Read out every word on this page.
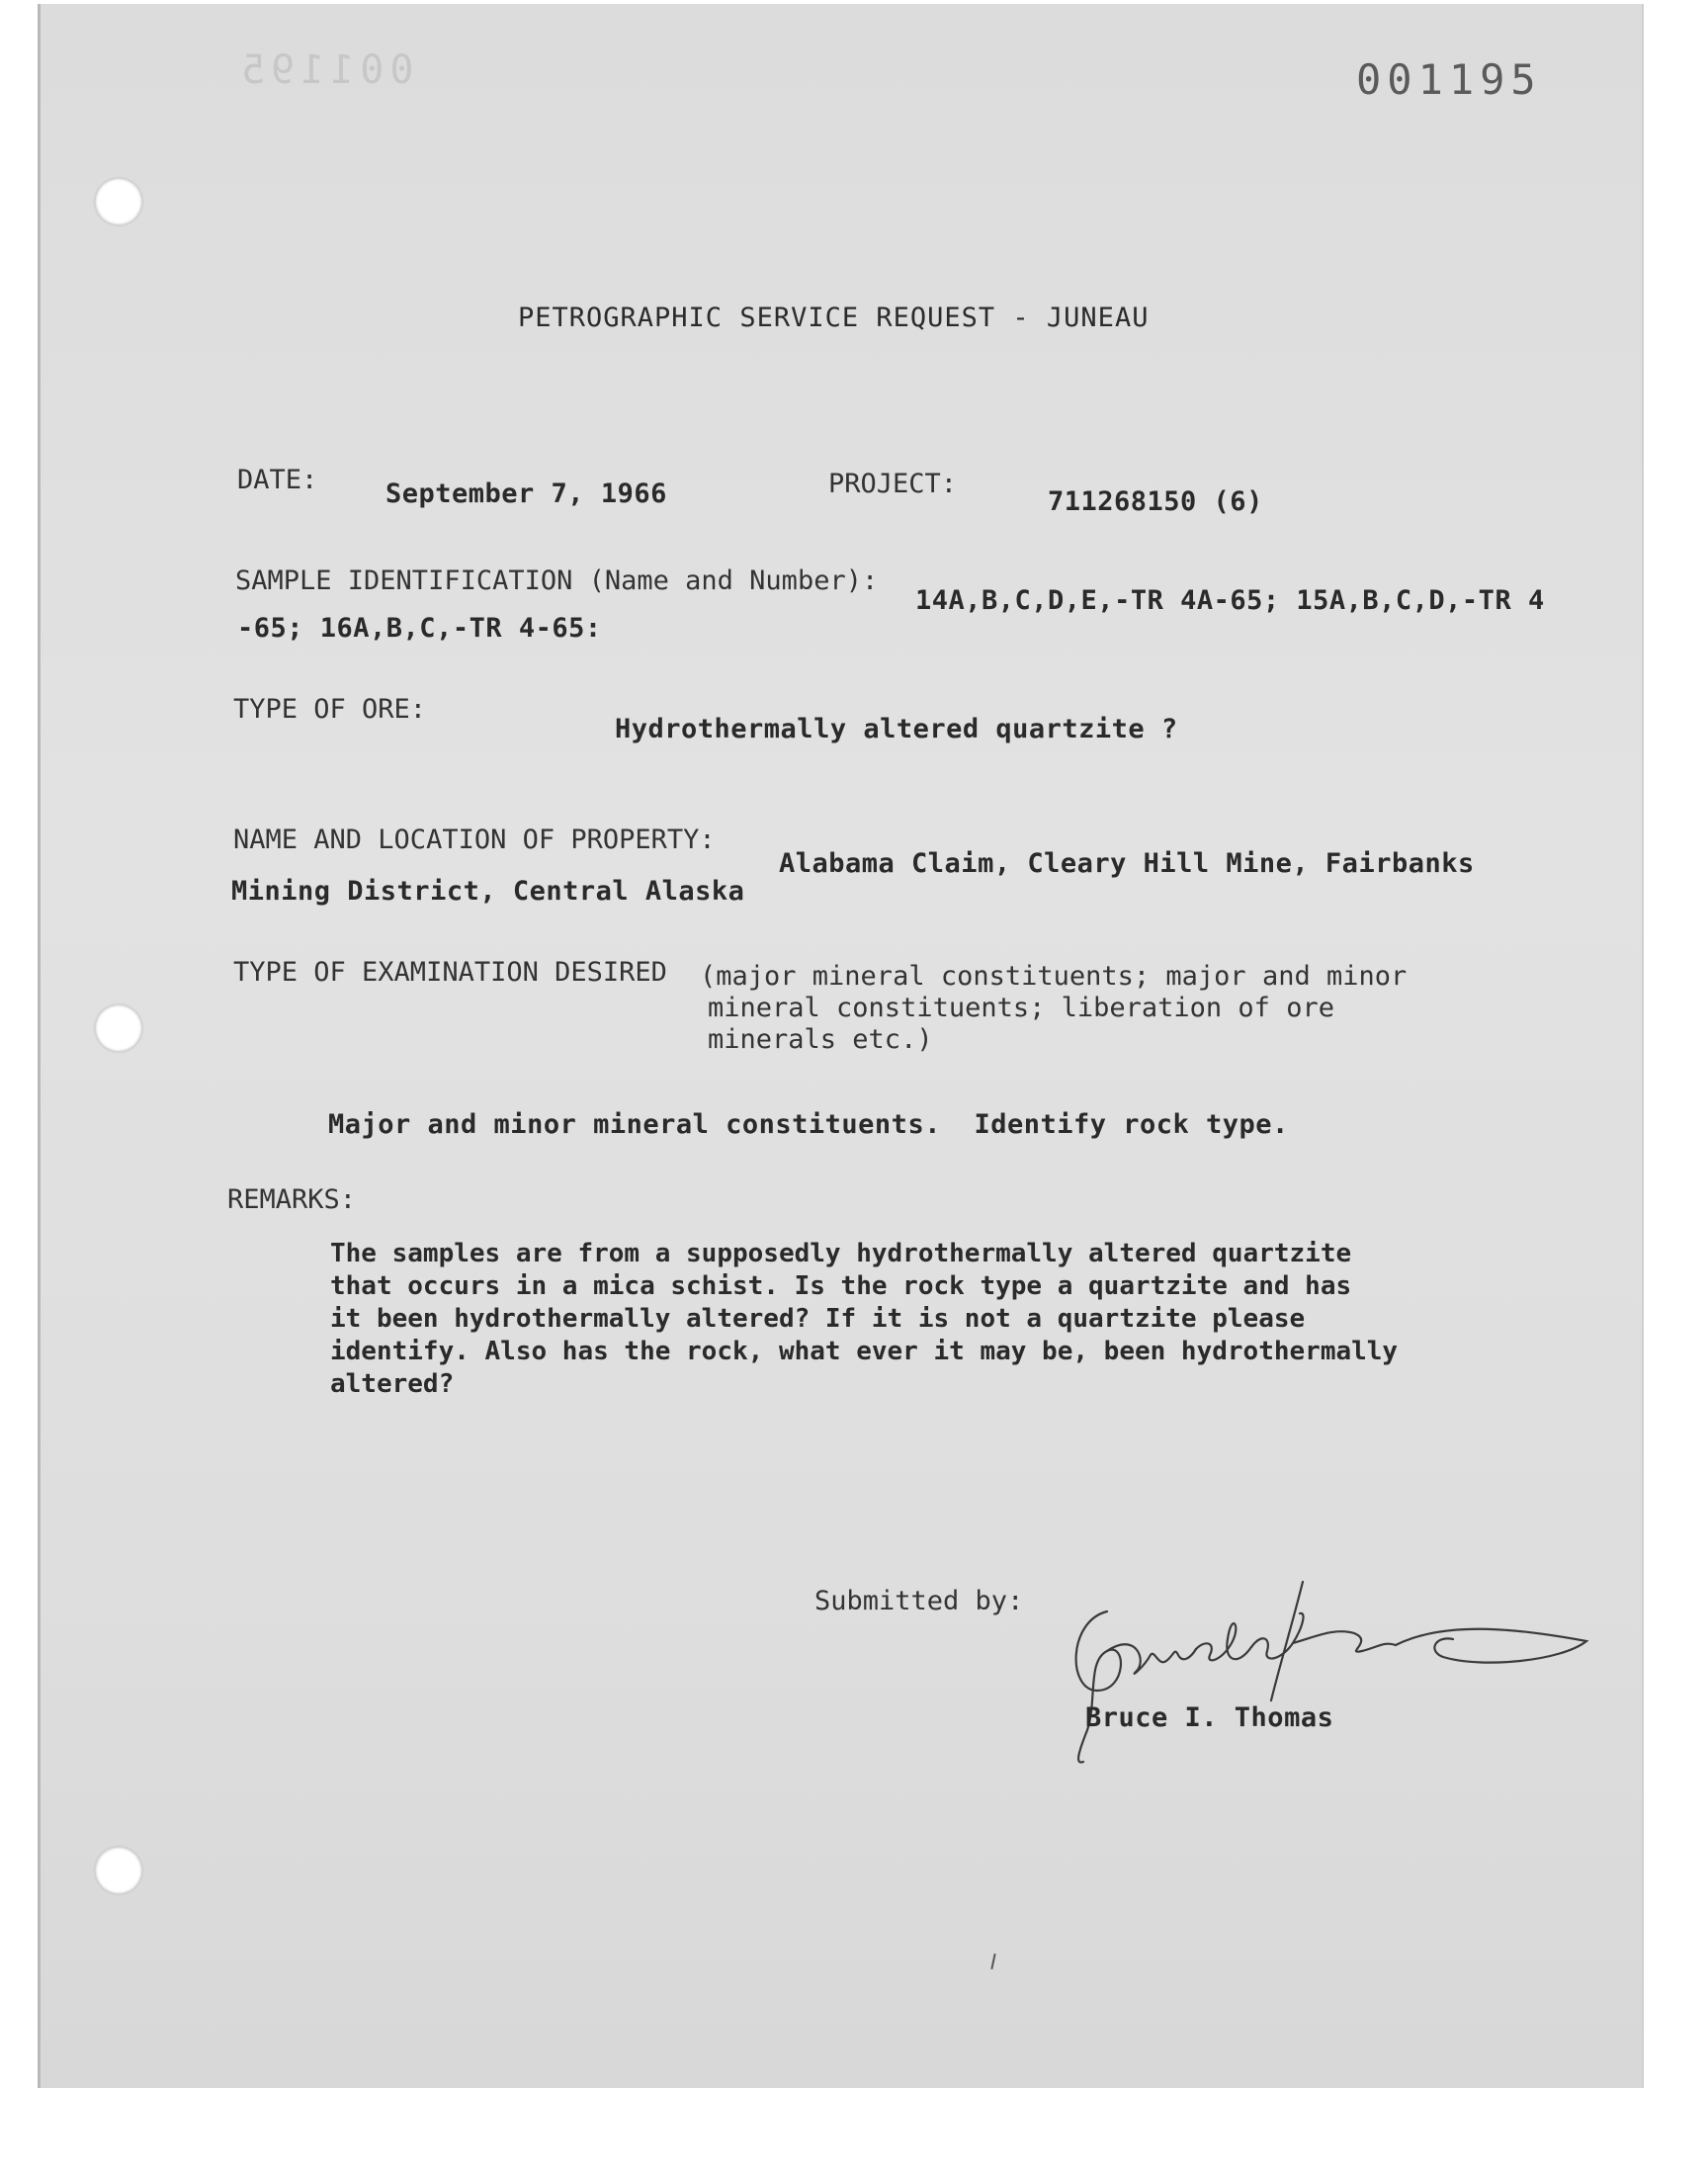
001195	001195
PETROGRAPHIC SERVICE REQUEST - JUNEAU
DATE:	September 7, 1966	PROJECT:
711268150 (6)
SAMPLE IDENTIFICATION (Name and Number):
14A,B,C,D,E,-TR 4A-65; 15A,B,C,D,-TR 4
-65; 16A,B,C,-TR 4-65:
TYPE OF ORE:
Hydrothermally altered quartzite ?
NAME AND LOCATION OF PROPERTY:
Alabama Claim, Cleary Hill Mine, Fairbanks
Mining District, Central Alaska
TYPE OF EXAMINATION DESIRED (major mineral constituents; major and minor
mineral constituents; liberation of ore
minerals etc.)
Major and minor mineral constituents.  Identify rock type.
REMARKS:
The samples are from a supposedly hydrothermally altered quartzite
that occurs in a mica schist. Is the rock type a quartzite and has
it been hydrothermally altered? If it is not a quartzite please
identify. Also has the rock, what ever it may be, been hydrothermally
altered?
Submitted by:
Bruce I. Thomas
